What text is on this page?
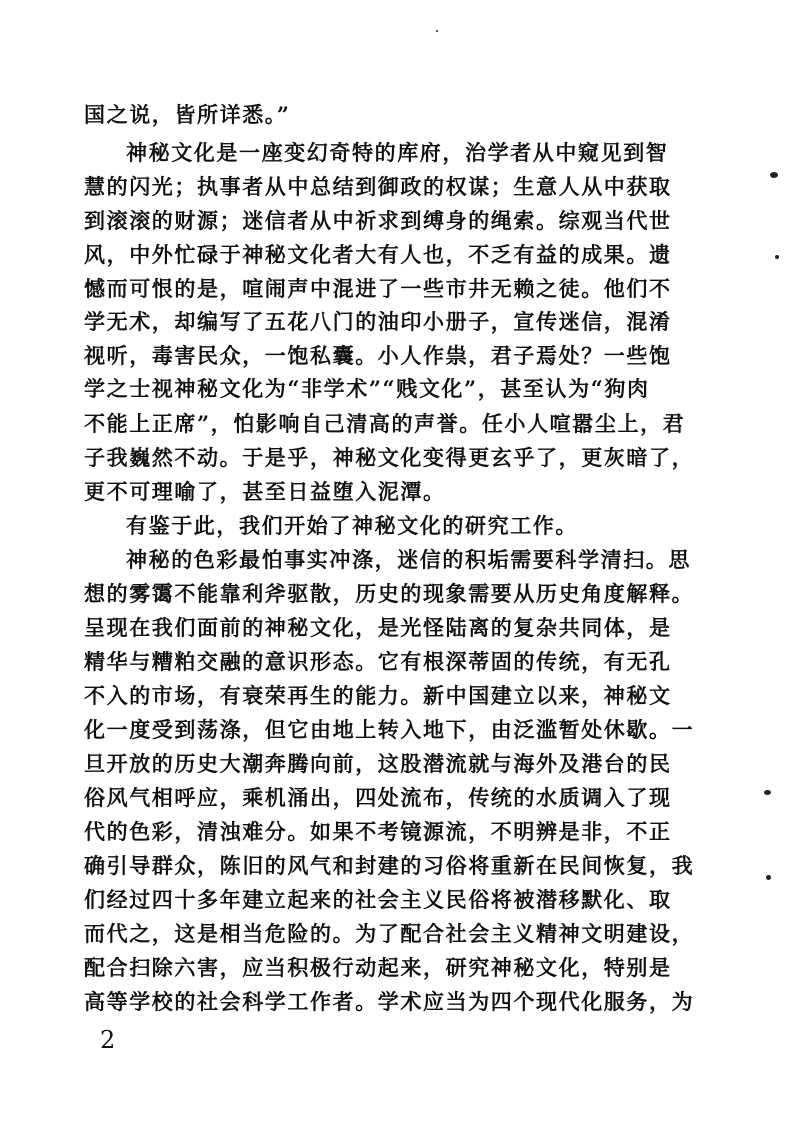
国之说，皆所详悉。”
神秘文化是一座变幻奇特的库府，治学者从中窥见到智
慧的闪光；执事者从中总结到御政的权谋；生意人从中获取
到滚滚的财源；迷信者从中祈求到缚身的绳索。综观当代世
风，中外忙碌于神秘文化者大有人也，不乏有益的成果。遗
憾而可恨的是，喧闹声中混进了一些市井无赖之徒。他们不
学无术，却编写了五花八门的油印小册子，宣传迷信，混淆
视听，毒害民众，一饱私囊。小人作祟，君子焉处？一些饱
学之士视神秘文化为“非学术”“贱文化”，甚至认为“狗肉
不能上正席”，怕影响自己清高的声誉。任小人喧嚣尘上，君
子我巍然不动。于是乎，神秘文化变得更玄乎了，更灰暗了，
更不可理喻了，甚至日益堕入泥潭。
有鉴于此，我们开始了神秘文化的研究工作。
神秘的色彩最怕事实冲涤，迷信的积垢需要科学清扫。思
想的雾霭不能靠利斧驱散，历史的现象需要从历史角度解释。
呈现在我们面前的神秘文化，是光怪陆离的复杂共同体，是
精华与糟粕交融的意识形态。它有根深蒂固的传统，有无孔
不入的市场，有衰荣再生的能力。新中国建立以来，神秘文
化一度受到荡涤，但它由地上转入地下，由泛滥暂处休歇。一
旦开放的历史大潮奔腾向前，这股潜流就与海外及港台的民
俗风气相呼应，乘机涌出，四处流布，传统的水质调入了现
代的色彩，清浊难分。如果不考镜源流，不明辨是非，不正
确引导群众，陈旧的风气和封建的习俗将重新在民间恢复，我
们经过四十多年建立起来的社会主义民俗将被潜移默化、取
而代之，这是相当危险的。为了配合社会主义精神文明建设，
配合扫除六害，应当积极行动起来，研究神秘文化，特别是
高等学校的社会科学工作者。学术应当为四个现代化服务，为
2
